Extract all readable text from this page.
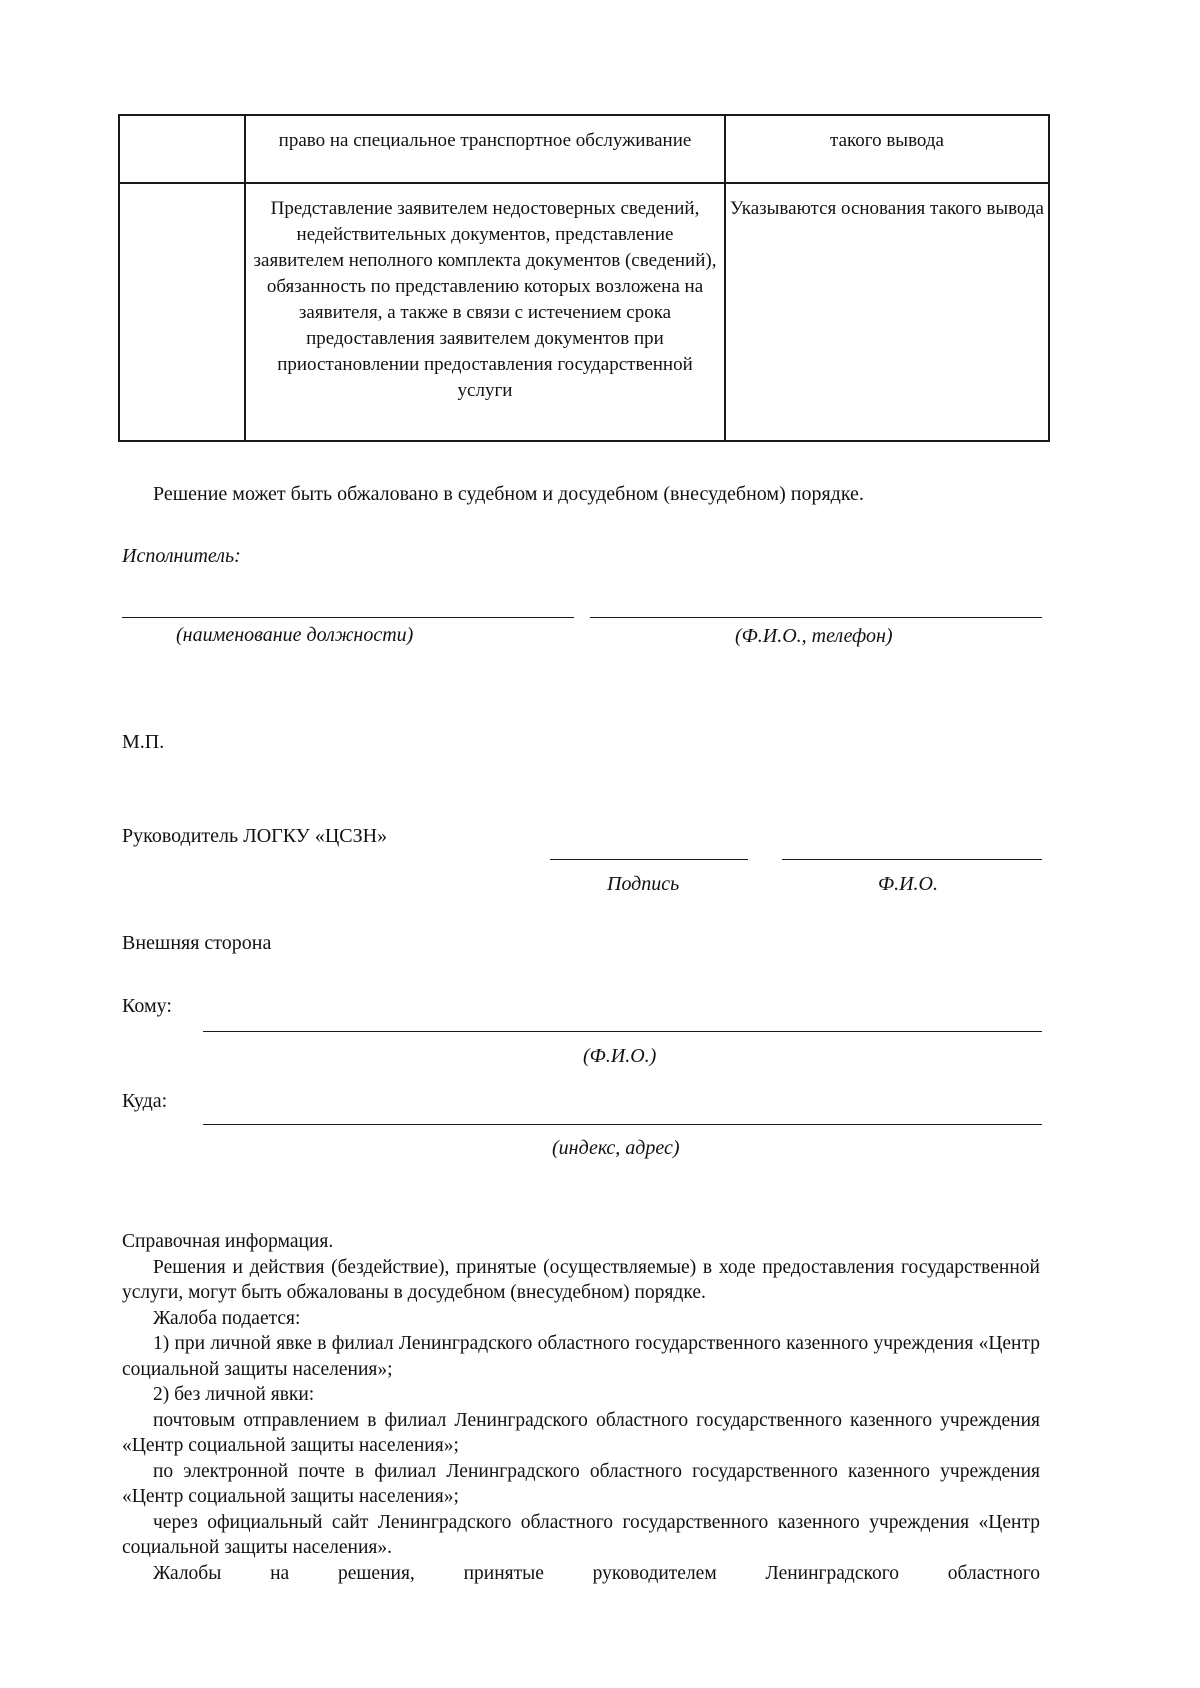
	право на специальное транспортное обслуживание	такого вывода
	Представление заявителем недостоверных сведений, недействительных документов, представление заявителем неполного комплекта документов (сведений), обязанность по представлению которых возложена на заявителя, а также в связи с истечением срока предоставления заявителем документов при приостановлении предоставления государственной услуги	Указываются основания такого вывода
Решение может быть обжаловано в судебном и досудебном (внесудебном) порядке.
Исполнитель:
(наименование должности)	(Ф.И.О., телефон)
М.П.
Руководитель ЛОГКУ «ЦСЗН»
Подпись	Ф.И.О.
Внешняя сторона
Кому:
(Ф.И.О.)
Куда:
(индекс, адрес)

Справочная информация.

Решения и действия (бездействие), принятые (осуществляемые) в ходе предоставления государственной услуги, могут быть обжалованы в досудебном (внесудебном) порядке.

Жалоба подается:

1) при личной явке в филиал Ленинградского областного государственного казенного учреждения «Центр социальной защиты населения»;

2) без личной явки:

почтовым отправлением в филиал Ленинградского областного государственного казенного учреждения «Центр социальной защиты населения»;

по электронной почте в филиал Ленинградского областного государственного казенного учреждения «Центр социальной защиты населения»;

через официальный сайт Ленинградского областного государственного казенного учреждения «Центр социальной защиты населения».

Жалобы на решения, принятые руководителем Ленинградского областного
